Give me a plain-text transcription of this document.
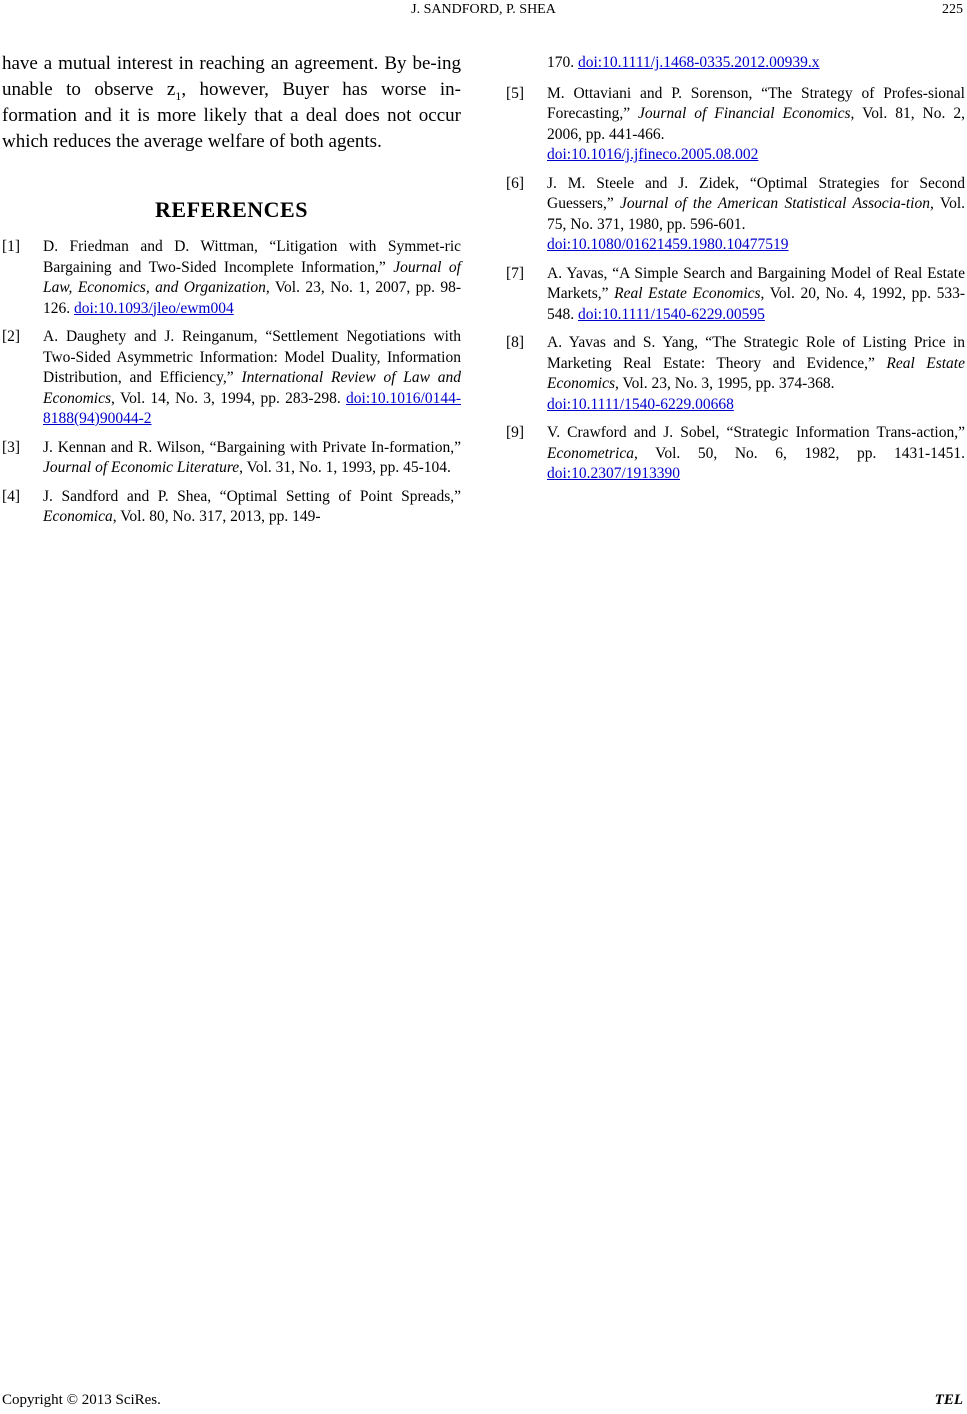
J. SANDFORD, P. SHEA	225

have a mutual interest in reaching an agreement. By be-ing unable to observe $z_1$, however, Buyer has worse in-formation and it is more likely that a deal does not occur which reduces the average welfare of both agents.

REFERENCES
[1] D. Friedman and D. Wittman, “Litigation with Symmet-ric Bargaining and Two-Sided Incomplete Information,” Journal of Law, Economics, and Organization, Vol. 23, No. 1, 2007, pp. 98-126. doi:10.1093/jleo/ewm004
[2] A. Daughety and J. Reinganum, “Settlement Negotiations with Two-Sided Asymmetric Information: Model Duality, Information Distribution, and Efficiency,” International Review of Law and Economics, Vol. 14, No. 3, 1994, pp. 283-298. doi:10.1016/0144-8188(94)90044-2
[3] J. Kennan and R. Wilson, “Bargaining with Private In-formation,” Journal of Economic Literature, Vol. 31, No. 1, 1993, pp. 45-104.
[4] J. Sandford and P. Shea, “Optimal Setting of Point Spreads,” Economica, Vol. 80, No. 317, 2013, pp. 149-
170. doi:10.1111/j.1468-0335.2012.00939.x
[5] M. Ottaviani and P. Sorenson, “The Strategy of Profes-sional Forecasting,” Journal of Financial Economics, Vol. 81, No. 2, 2006, pp. 441-466.
doi:10.1016/j.jfineco.2005.08.002
[6] J. M. Steele and J. Zidek, “Optimal Strategies for Second Guessers,” Journal of the American Statistical Associa-tion, Vol. 75, No. 371, 1980, pp. 596-601.
doi:10.1080/01621459.1980.10477519
[7] A. Yavas, “A Simple Search and Bargaining Model of Real Estate Markets,” Real Estate Economics, Vol. 20, No. 4, 1992, pp. 533-548. doi:10.1111/1540-6229.00595
[8] A. Yavas and S. Yang, “The Strategic Role of Listing Price in Marketing Real Estate: Theory and Evidence,” Real Estate Economics, Vol. 23, No. 3, 1995, pp. 374-368.
doi:10.1111/1540-6229.00668
[9] V. Crawford and J. Sobel, “Strategic Information Trans-action,” Econometrica, Vol. 50, No. 6, 1982, pp. 1431-1451. doi:10.2307/1913390
Copyright © 2013 SciRes.	TEL
